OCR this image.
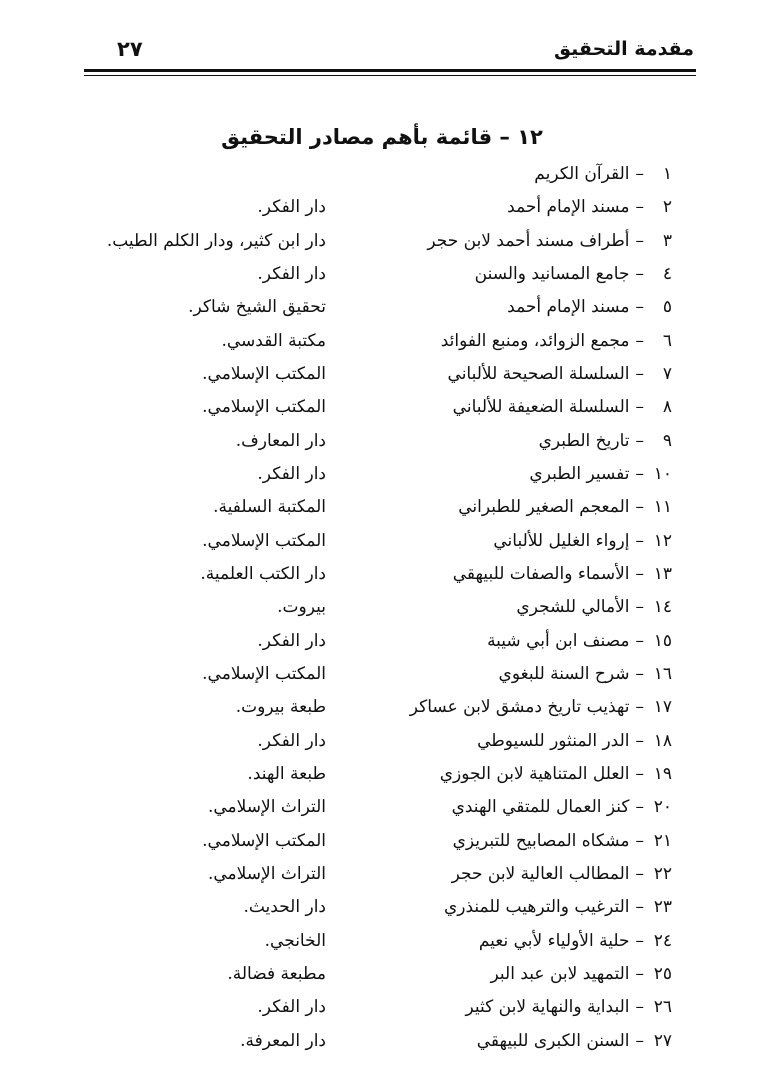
مقدمة التحقيق
٢٧
١٢ – قائمة بأهم مصادر التحقيق
١–القرآن الكريم
٢–مسند الإمام أحمد
دار الفكر.
٣–أطراف مسند أحمد لابن حجر
دار ابن كثير، ودار الكلم الطيب.
٤–جامع المسانيد والسنن
دار الفكر.
٥–مسند الإمام أحمد
تحقيق الشيخ شاكر.
٦–مجمع الزوائد، ومنبع الفوائد
مكتبة القدسي.
٧–السلسلة الصحيحة للألباني
المكتب الإسلامي.
٨–السلسلة الضعيفة للألباني
المكتب الإسلامي.
٩–تاريخ الطبري
دار المعارف.
١٠–تفسير الطبري
دار الفكر.
١١–المعجم الصغير للطبراني
المكتبة السلفية.
١٢–إرواء الغليل للألباني
المكتب الإسلامي.
١٣–الأسماء والصفات للبيهقي
دار الكتب العلمية.
١٤–الأمالي للشجري
بيروت.
١٥–مصنف ابن أبي شيبة
دار الفكر.
١٦–شرح السنة للبغوي
المكتب الإسلامي.
١٧–تهذيب تاريخ دمشق لابن عساكر
طبعة بيروت.
١٨–الدر المنثور للسيوطي
دار الفكر.
١٩–العلل المتناهية لابن الجوزي
طبعة الهند.
٢٠–كنز العمال للمتقي الهندي
التراث الإسلامي.
٢١–مشكاه المصابيح للتبريزي
المكتب الإسلامي.
٢٢–المطالب العالية لابن حجر
التراث الإسلامي.
٢٣–الترغيب والترهيب للمنذري
دار الحديث.
٢٤–حلية الأولياء لأبي نعيم
الخانجي.
٢٥–التمهيد لابن عبد البر
مطبعة فضالة.
٢٦–البداية والنهاية لابن كثير
دار الفكر.
٢٧–السنن الكبرى للبيهقي
دار المعرفة.
